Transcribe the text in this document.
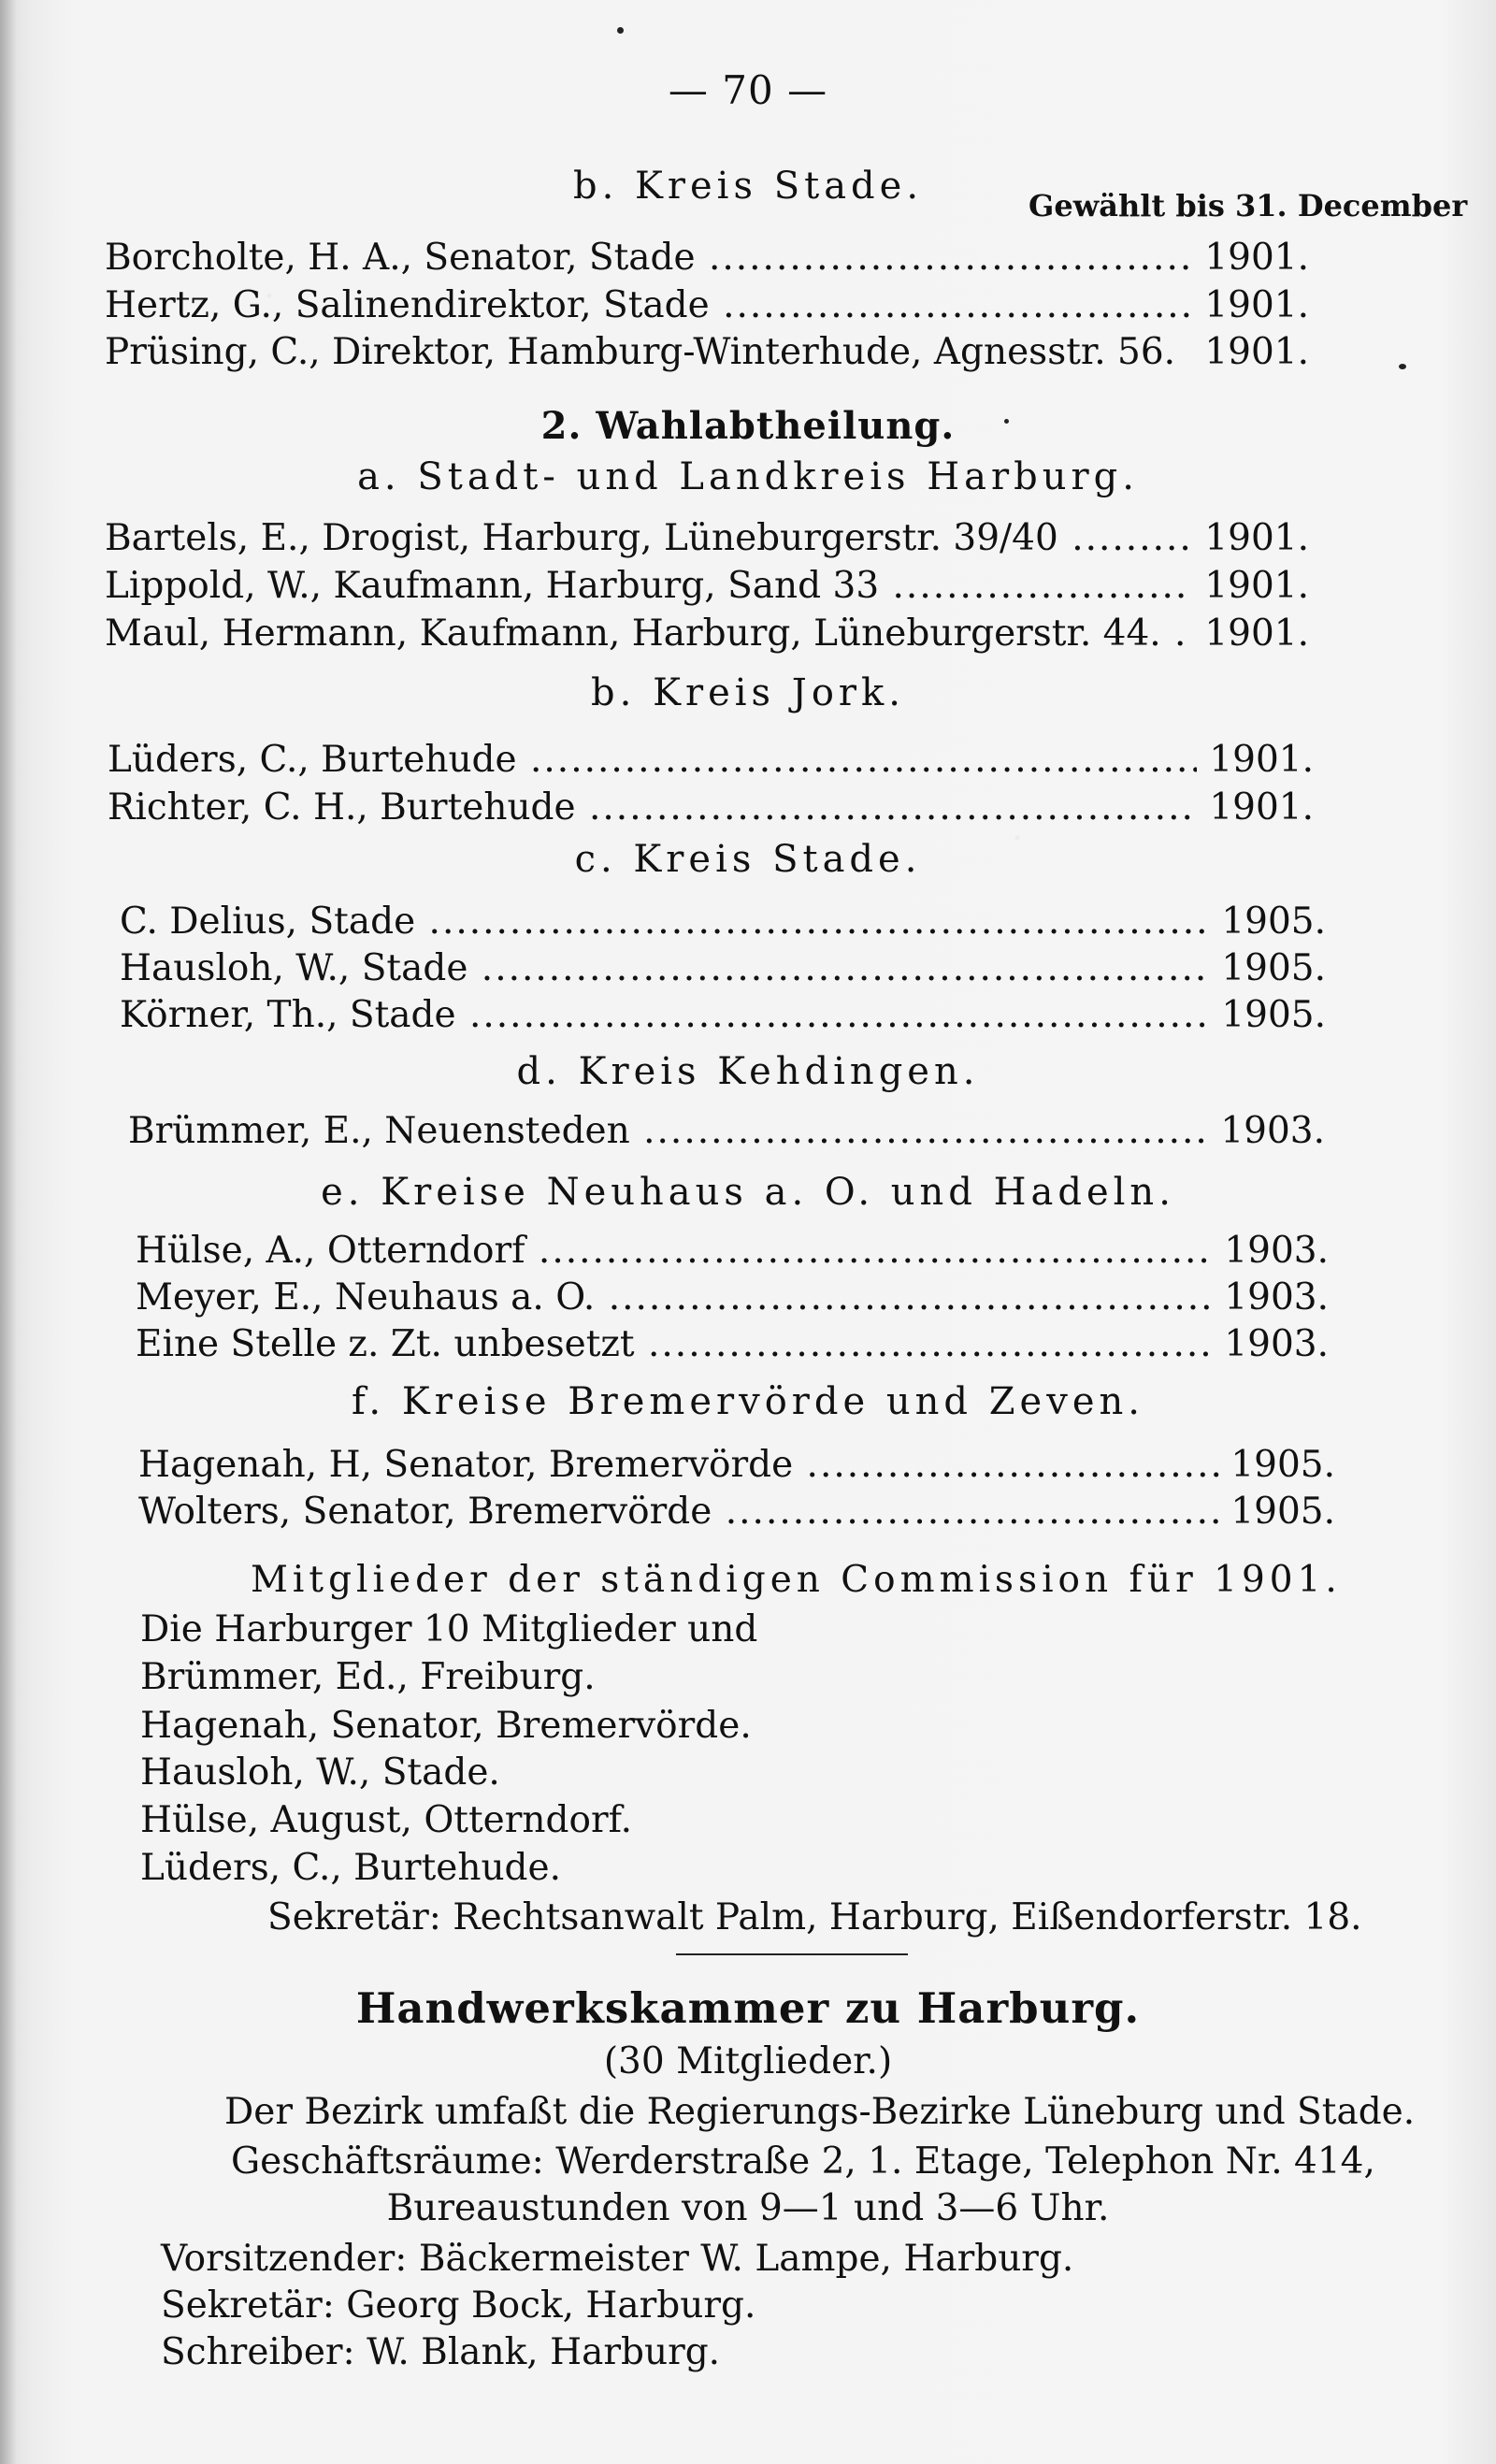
— 70 —
b. Kreis Stade.	Gewählt bis 31. December
Borcholte, H. A., Senator, Stade .....	1901.
Hertz, G., Salinendirektor, Stade .....	1901.
Prüsing, C., Direktor, Hamburg-Winterhude, Agnesstr. 56. 1901.
2. Wahlabtheilung.
a. Stadt- und Landkreis Harburg.
Bartels, E., Drogist, Harburg, Lüneburgerstr. 39/40 .....	1901.
Lippold, W., Kaufmann, Harburg, Sand 33 .....	1901.
Maul, Hermann, Kaufmann, Harburg, Lüneburgerstr. 44. .....	1901.
b. Kreis Jork.
Lüders, C., Burtehude .....	1901.
Richter, C. H., Burtehude .....	1901.
c. Kreis Stade.
C. Delius, Stade .....	1905.
Hausloh, W., Stade .....	1905.
Körner, Th., Stade .....	1905.
d. Kreis Kehdingen.
Brümmer, E., Neuensteden .....	1903.
e. Kreise Neuhaus a. O. und Hadeln.
Hülse, A., Otterndorf .....	1903.
Meyer, E., Neuhaus a. O. .....	1903.
Eine Stelle z. Zt. unbesetzt .....	1903.
f. Kreise Bremervörde und Zeven.
Hagenah, H, Senator, Bremervörde .....	1905.
Wolters, Senator, Bremervörde .....	1905.
Mitglieder der ständigen Commission für 1901.
Die Harburger 10 Mitglieder und
Brümmer, Ed., Freiburg.
Hagenah, Senator, Bremervörde.
Hausloh, W., Stade.
Hülse, August, Otterndorf.
Lüders, C., Burtehude.
Sekretär: Rechtsanwalt Palm, Harburg, Eißendorferstr. 18.
Handwerkskammer zu Harburg.
(30 Mitglieder.)
Der Bezirk umfaßt die Regierungs-Bezirke Lüneburg und Stade.
Geschäftsräume: Werderstraße 2, 1. Etage, Telephon Nr. 414,
Bureaustunden von 9—1 und 3—6 Uhr.
Vorsitzender: Bäckermeister W. Lampe, Harburg.
Sekretär: Georg Bock, Harburg.
Schreiber: W. Blank, Harburg.
